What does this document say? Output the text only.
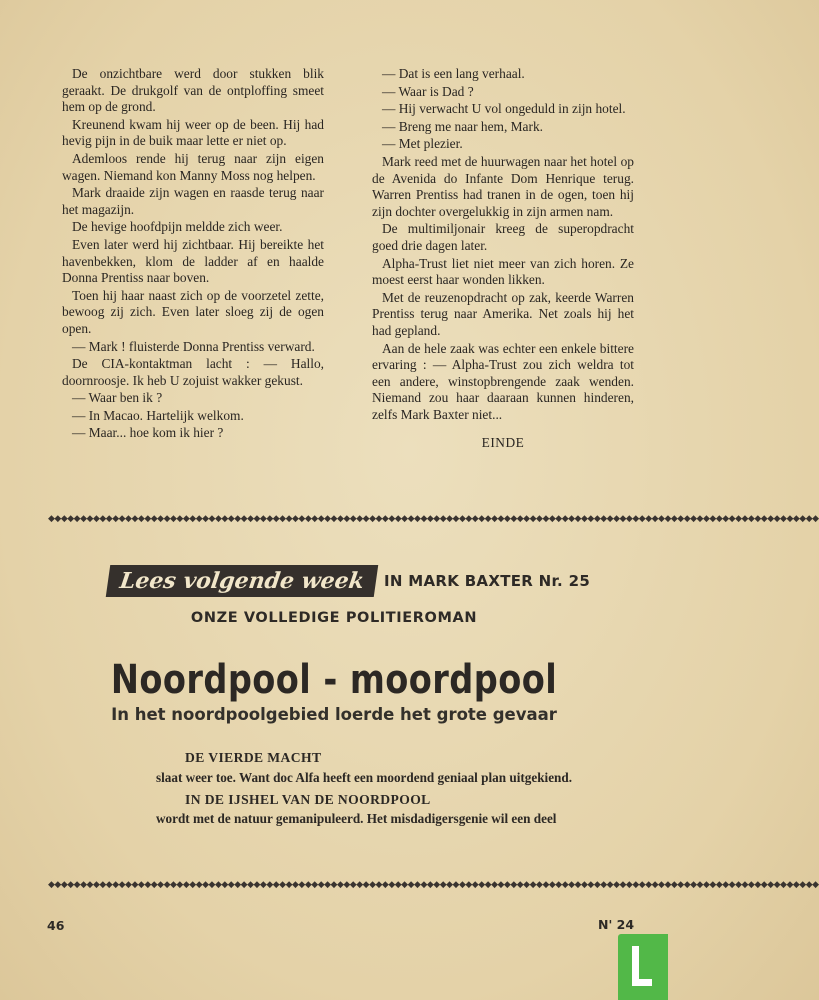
De onzichtbare werd door stukken blik geraakt. De drukgolf van de ontploffing smeet hem op de grond.

Kreunend kwam hij weer op de been. Hij had hevig pijn in de buik maar lette er niet op.

Ademloos rende hij terug naar zijn eigen wagen. Niemand kon Manny Moss nog helpen.

Mark draaide zijn wagen en raasde terug naar het magazijn.

De hevige hoofdpijn meldde zich weer.

Even later werd hij zichtbaar. Hij bereikte het havenbekken, klom de ladder af en haalde Donna Prentiss naar boven.

Toen hij haar naast zich op de voorzetel zette, bewoog zij zich. Even later sloeg zij de ogen open.

— Mark ! fluisterde Donna Prentiss verward.

De CIA-kontaktman lacht : — Hallo, doornroosje. Ik heb U zojuist wakker gekust.

— Waar ben ik ?

— In Macao. Hartelijk welkom.

— Maar... hoe kom ik hier ?

— Dat is een lang verhaal.

— Waar is Dad ?

— Hij verwacht U vol ongeduld in zijn hotel.

— Breng me naar hem, Mark.

— Met plezier.

Mark reed met de huurwagen naar het hotel op de Avenida do Infante Dom Henrique terug. Warren Prentiss had tranen in de ogen, toen hij zijn dochter overgelukkig in zijn armen nam.

De multimiljonair kreeg de superopdracht goed drie dagen later.

Alpha-Trust liet niet meer van zich horen. Ze moest eerst haar wonden likken.

Met de reuzenopdracht op zak, keerde Warren Prentiss terug naar Amerika. Net zoals hij het had gepland.

Aan de hele zaak was echter een enkele bittere ervaring : — Alpha-Trust zou zich weldra tot een andere, winstopbrengende zaak wenden. Niemand zou haar daaraan kunnen hinderen, zelfs Mark Baxter niet...

EINDE

◆◆◆◆◆◆◆◆◆◆◆◆◆◆◆◆◆◆◆◆◆◆◆◆◆◆◆◆◆◆◆◆◆◆◆◆◆◆◆◆◆◆◆◆◆◆◆◆◆◆◆◆◆◆◆◆◆◆◆◆◆◆◆◆◆◆◆◆◆◆◆◆◆◆◆◆◆◆◆◆◆◆◆◆◆◆◆◆◆◆◆◆◆◆◆◆◆◆◆◆◆◆◆◆◆◆◆◆◆◆◆◆◆◆◆◆◆◆◆◆
Lees volgende week	IN MARK BAXTER Nr. 25
ONZE VOLLEDIGE POLITIEROMAN
Noordpool - moordpool
In het noordpoolgebied loerde het grote gevaar
DE VIERDE MACHT
slaat weer toe. Want doc Alfa heeft een moordend geniaal plan uitgekiend.
IN DE IJSHEL VAN DE NOORDPOOL
wordt met de natuur gemanipuleerd. Het misdadigersgenie wil een deel
◆◆◆◆◆◆◆◆◆◆◆◆◆◆◆◆◆◆◆◆◆◆◆◆◆◆◆◆◆◆◆◆◆◆◆◆◆◆◆◆◆◆◆◆◆◆◆◆◆◆◆◆◆◆◆◆◆◆◆◆◆◆◆◆◆◆◆◆◆◆◆◆◆◆◆◆◆◆◆◆◆◆◆◆◆◆◆◆◆◆◆◆◆◆◆◆◆◆◆◆◆◆◆◆◆◆◆◆◆◆◆◆◆◆◆◆◆◆◆◆
46	N' 24
